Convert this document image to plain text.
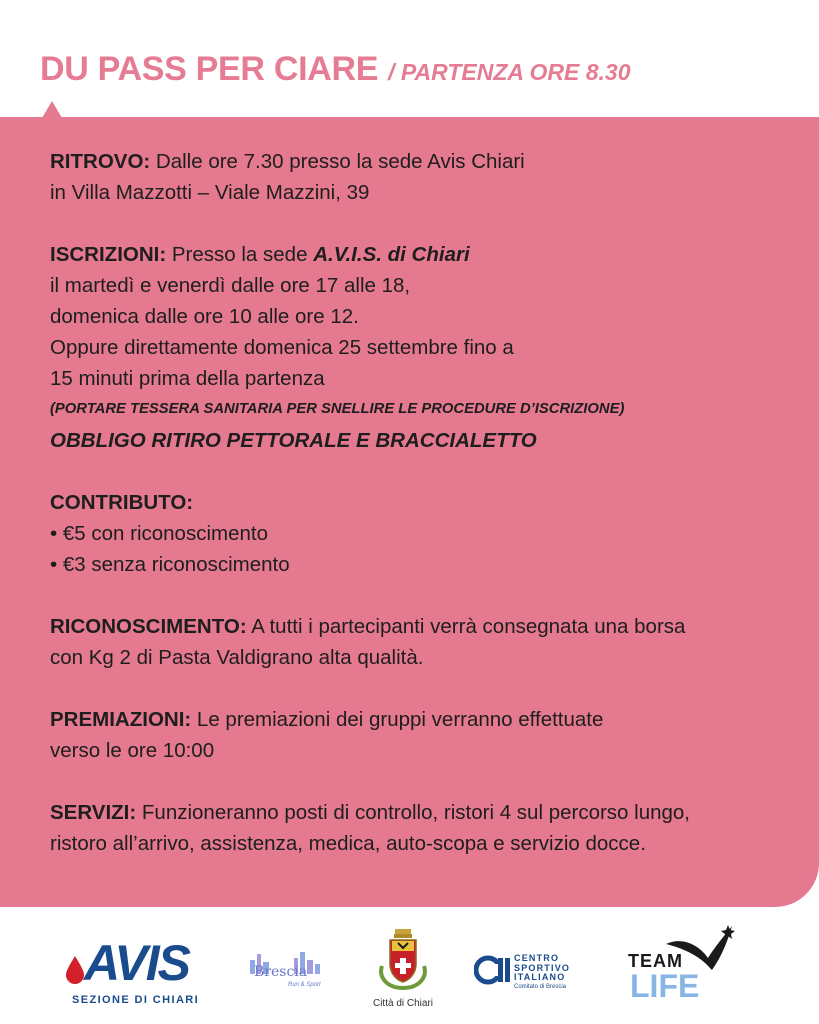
DU PASS PER CIARE / PARTENZA ORE 8.30
RITROVO: Dalle ore 7.30 presso la sede Avis Chiari
in Villa Mazzotti – Viale Mazzini, 39
ISCRIZIONI: Presso la sede A.V.I.S. di Chiari
il martedì e venerdì dalle ore 17 alle 18,
domenica dalle ore 10 alle ore 12.
Oppure direttamente domenica 25 settembre fino a
15 minuti prima della partenza
(PORTARE TESSERA SANITARIA PER SNELLIRE LE PROCEDURE D’ISCRIZIONE)
OBBLIGO RITIRO PETTORALE E BRACCIALETTO
CONTRIBUTO:
• €5 con riconoscimento
• €3 senza riconoscimento
RICONOSCIMENTO: A tutti i partecipanti verrà consegnata una borsa
con Kg 2 di Pasta Valdigrano alta qualità.
PREMIAZIONI: Le premiazioni dei gruppi verranno effettuate
verso le ore 10:00
SERVIZI: Funzioneranno posti di controllo, ristori 4 sul percorso lungo,
ristoro all’arrivo, assistenza, medica, auto-scopa e servizio docce.
AVIS
SEZIONE DI CHIARI
Brescia
Run & Sport
Città di Chiari
CENTRO
SPORTIVO
ITALIANO
Comitato di Brescia
TEAM
LIFE
